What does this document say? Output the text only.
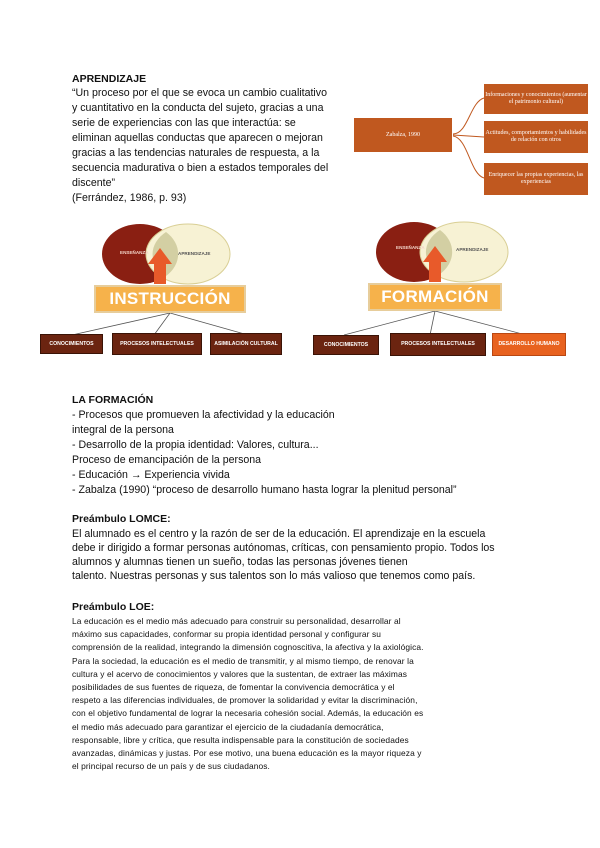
APRENDIZAJE
“Un proceso por el que se evoca un cambio cualitativo
y cuantitativo en la conducta del sujeto, gracias a una
serie de experiencias con las que interactúa: se
eliminan aquellas conductas que aparecen o mejoran
gracias a las tendencias naturales de respuesta, a la
secuencia madurativa o bien a estados temporales del
discente”
(Ferrández, 1986, p. 93)
Zabalza, 1990
Informaciones y conocimientos (aumentar el patrimonio cultural)
Actitudes, comportamientos y habilidades de relación con otros
Enriquecer las propias experiencias, las experiencias
ENSEÑANZA	APRENDIZAJE
INSTRUCCIÓN
CONOCIMIENTOS	PROCESOS INTELECTUALES	ASIMILACIÓN CULTURAL
ENSEÑANZA	APRENDIZAJE
FORMACIÓN
CONOCIMIENTOS	PROCESOS INTELECTUALES	DESARROLLO HUMANO
LA FORMACIÓN
- Procesos que promueven la afectividad y la educación
integral de la persona
- Desarrollo de la propia identidad: Valores, cultura...
Proceso de emancipación de la persona
- Educación → Experiencia vivida
- Zabalza (1990) “proceso de desarrollo humano hasta lograr la plenitud personal”
Preámbulo LOMCE:
El alumnado es el centro y la razón de ser de la educación. El aprendizaje en la escuela
debe ir dirigido a formar personas autónomas, críticas, con pensamiento propio. Todos los
alumnos y alumnas tienen un sueño, todas las personas jóvenes tienen
talento. Nuestras personas y sus talentos son lo más valioso que tenemos como país.
Preámbulo LOE:
La educación es el medio más adecuado para construir su personalidad, desarrollar al
máximo sus capacidades, conformar su propia identidad personal y configurar su
comprensión de la realidad, integrando la dimensión cognoscitiva, la afectiva y la axiológica.
Para la sociedad, la educación es el medio de transmitir, y al mismo tiempo, de renovar la
cultura y el acervo de conocimientos y valores que la sustentan, de extraer las máximas
posibilidades de sus fuentes de riqueza, de fomentar la convivencia democrática y el
respeto a las diferencias individuales, de promover la solidaridad y evitar la discriminación,
con el objetivo fundamental de lograr la necesaria cohesión social. Además, la educación es
el medio más adecuado para garantizar el ejercicio de la ciudadanía democrática,
responsable, libre y crítica, que resulta indispensable para la constitución de sociedades
avanzadas, dinámicas y justas. Por ese motivo, una buena educación es la mayor riqueza y
el principal recurso de un país y de sus ciudadanos.
